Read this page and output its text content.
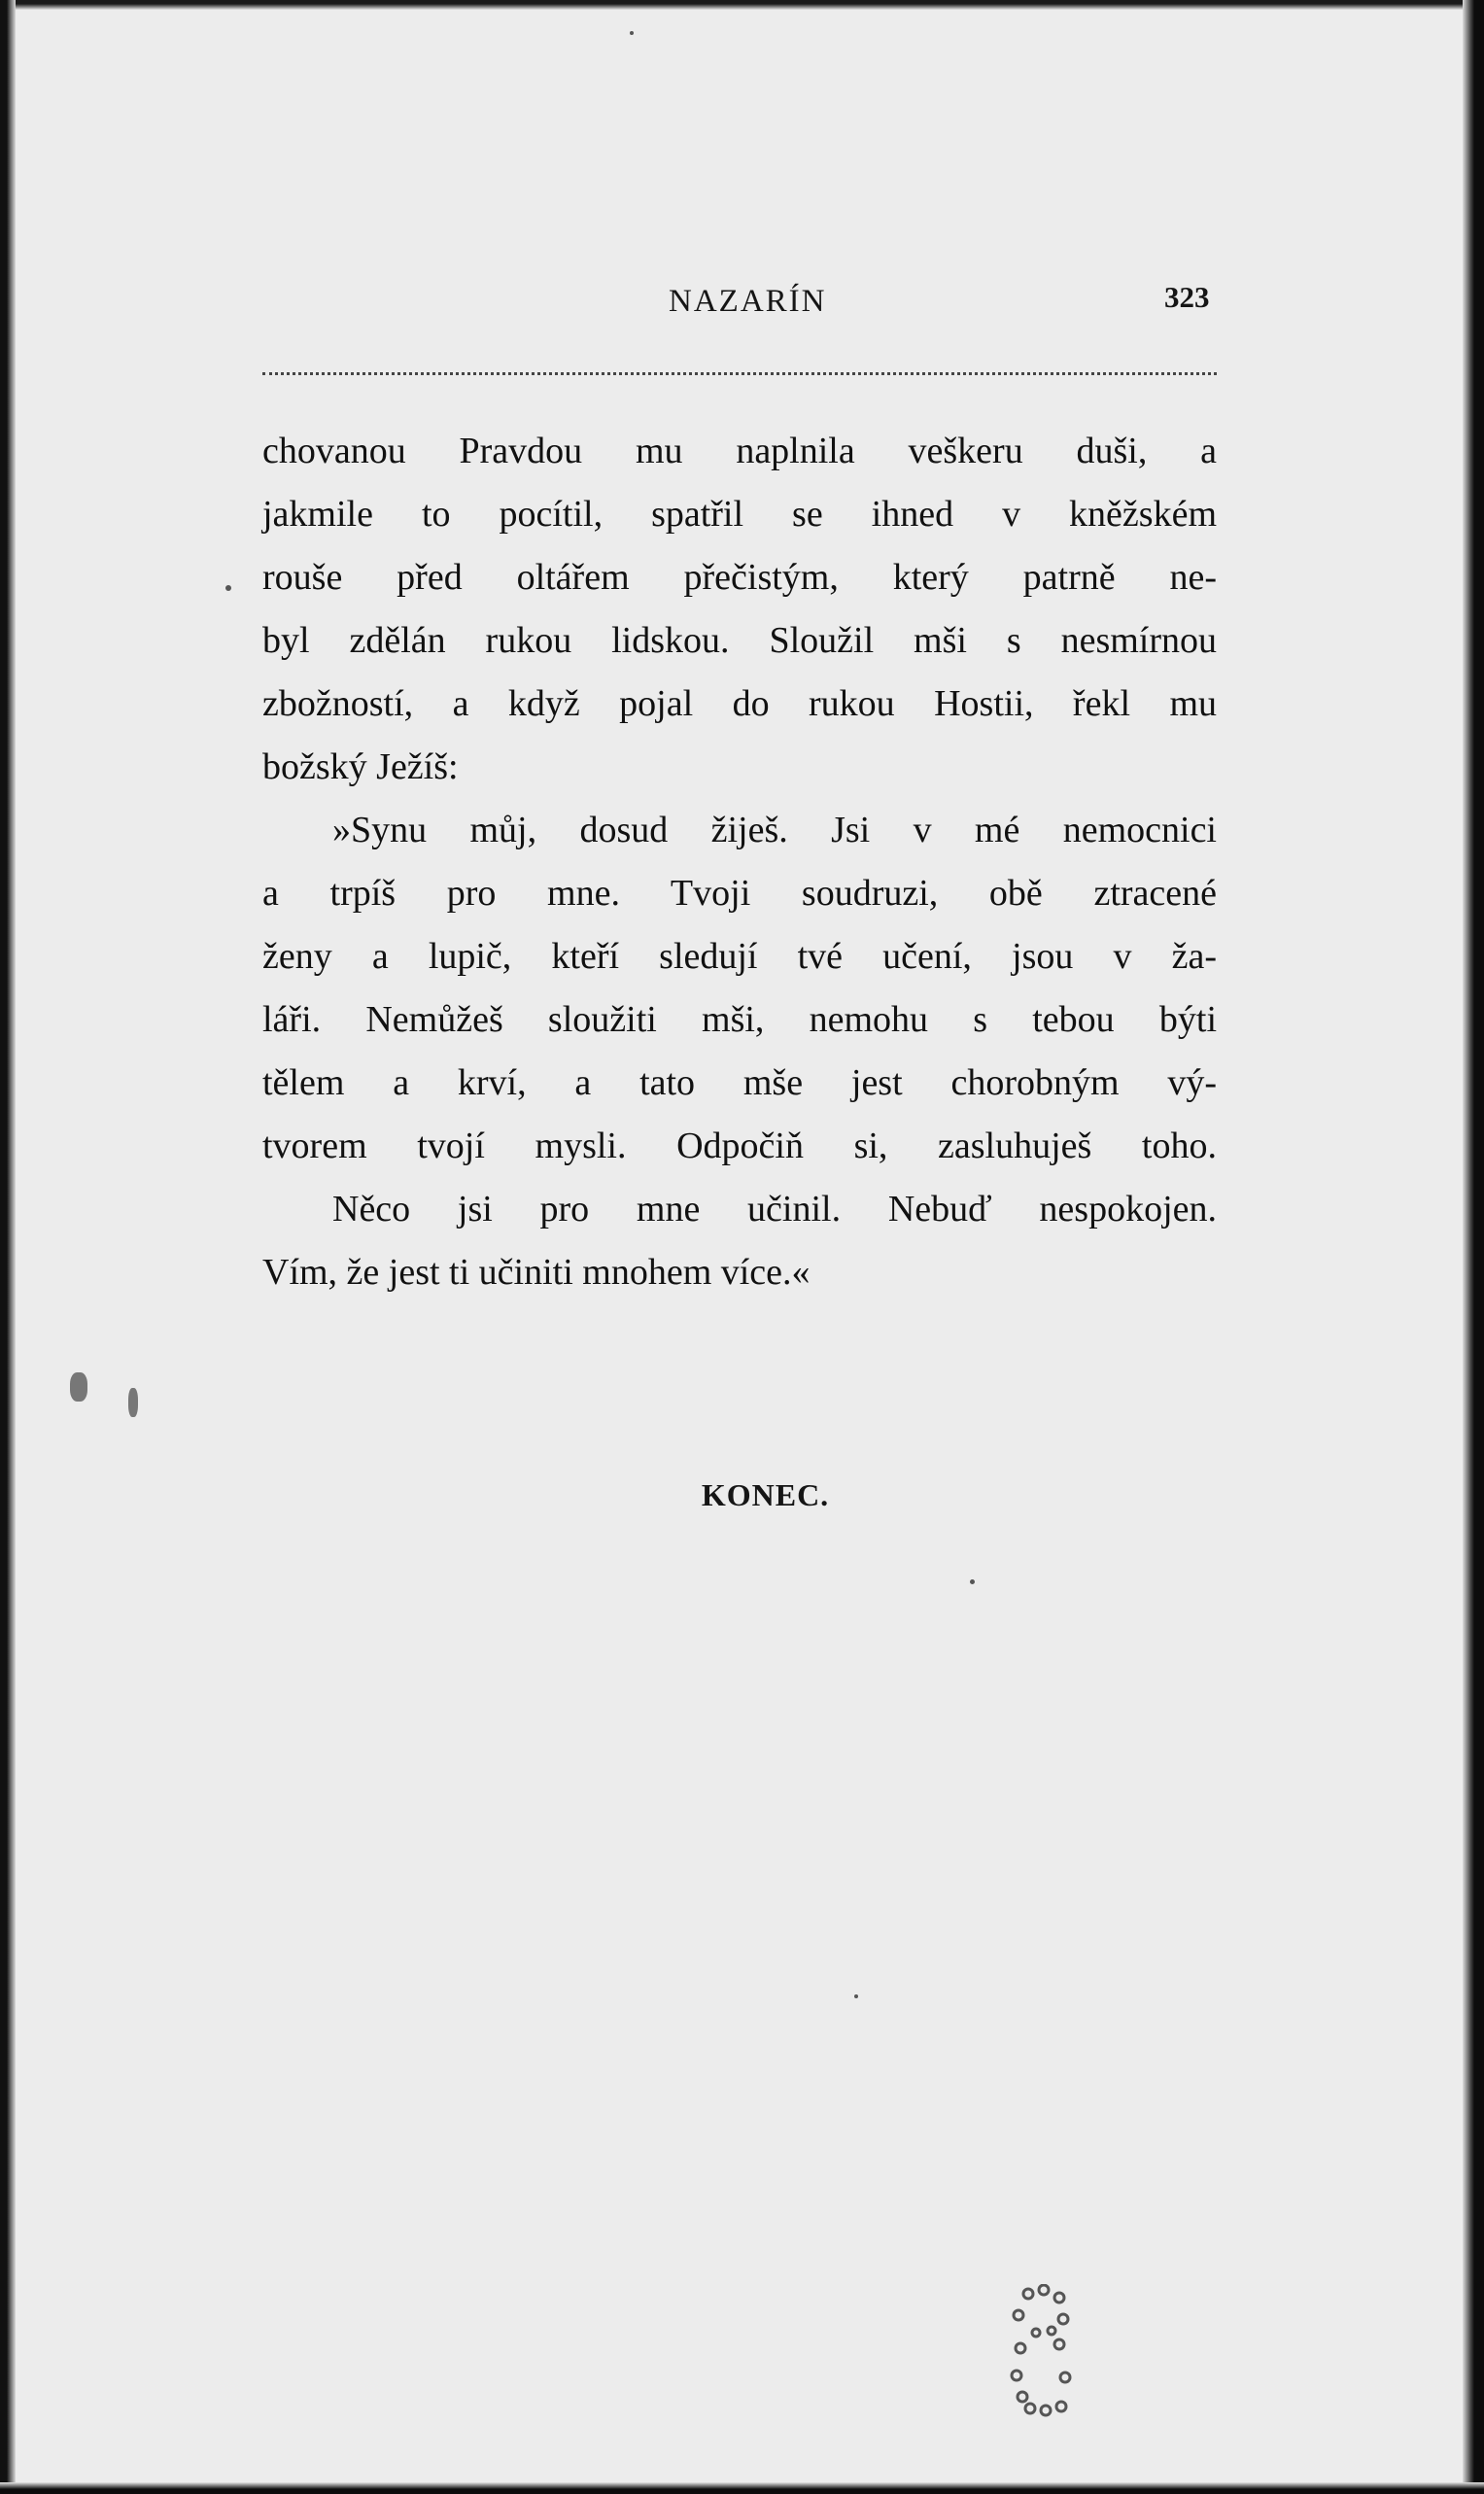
NAZARÍN	323
chovanou Pravdou mu naplnila veškeru duši, a
jakmile to pocítil, spatřil se ihned v kněžském
rouše před oltářem přečistým, který patrně ne-
byl zdělán rukou lidskou. Sloužil mši s nesmírnou
zbožností, a když pojal do rukou Hostii, řekl mu
božský Ježíš:
»Synu můj, dosud žiješ. Jsi v mé nemocnici
a trpíš pro mne. Tvoji soudruzi, obě ztracené
ženy a lupič, kteří sledují tvé učení, jsou v ža-
láři. Nemůžeš sloužiti mši, nemohu s tebou býti
tělem a krví, a tato mše jest chorobným vý-
tvorem tvojí mysli. Odpočiň si, zasluhuješ toho.
Něco jsi pro mne učinil. Nebuď nespokojen.
Vím, že jest ti učiniti mnohem více.«
KONEC.
